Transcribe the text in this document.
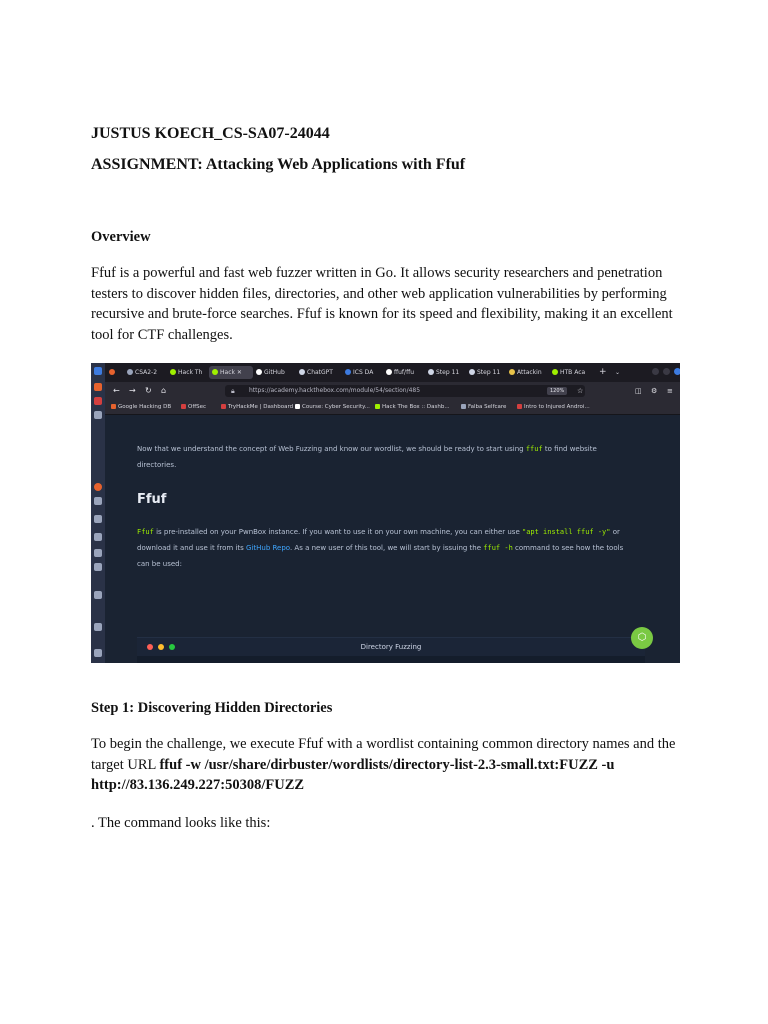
JUSTUS KOECH_CS-SA07-24044
ASSIGNMENT: Attacking Web Applications with Ffuf
Overview
Ffuf is a powerful and fast web fuzzer written in Go. It allows security researchers and penetration testers to discover hidden files, directories, and other web application vulnerabilities by performing recursive and brute-force searches. Ffuf is known for its speed and flexibility, making it an excellent tool for CTF challenges.
CSA2-2	Hack Th	Hack ✕	GitHub	ChatGPT	ICS DA	ffuf/ffu	Step 11	Step 11	Attackin	HTB Aca	+	⌄
← → ↻ ⌂	🔒︎ https://academy.hackthebox.com/module/54/section/485	120%	☆	◫ ⚙ ≡
Google Hacking DB	OffSec	TryHackMe | Dashboard	Course: Cyber Security...	Hack The Box :: Dashb...	Falba Selfcare	Intro to Injured Androi...
Now that we understand the concept of Web Fuzzing and know our wordlist, we should be ready to start using ffuf to find website directories.
Ffuf
Ffuf is pre-installed on your PwnBox instance. If you want to use it on your own machine, you can either use "apt install ffuf -y" or download it and use it from its GitHub Repo. As a new user of this tool, we will start by issuing the ffuf -h command to see how the tools can be used:
Directory Fuzzing
⬡
Step 1: Discovering Hidden Directories
To begin the challenge, we execute Ffuf with a wordlist containing common directory names and the target URL ffuf -w /usr/share/dirbuster/wordlists/directory-list-2.3-small.txt:FUZZ -u http://83.136.249.227:50308/FUZZ
. The command looks like this:
